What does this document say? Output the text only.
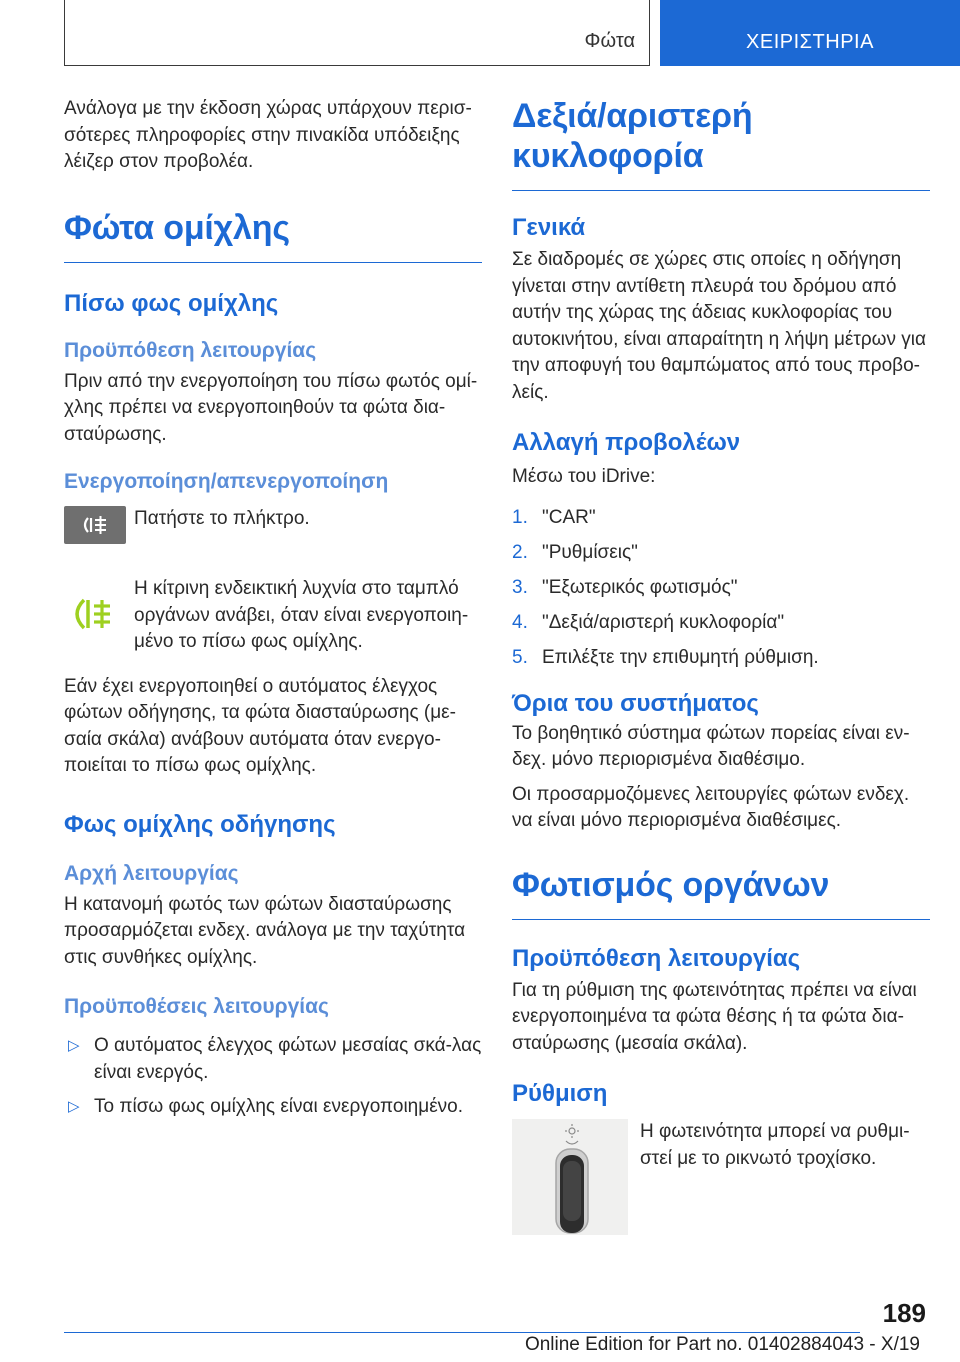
Φώτα	ΧΕΙΡΙΣΤΗΡΙΑ

Ανάλογα με την έκδοση χώρας υπάρχουν περισ-σότερες πληροφορίες στην πινακίδα υπόδειξης λέιζερ στον προβολέα.

Φώτα ομίχλης
Πίσω φως ομίχλης
Προϋπόθεση λειτουργίας

Πριν από την ενεργοποίηση του πίσω φωτός ομί-χλης πρέπει να ενεργοποιηθούν τα φώτα δια-σταύρωσης.

Ενεργοποίηση/απενεργοποίηση

Πατήστε το πλήκτρο.

Η κίτρινη ενδεικτική λυχνία στο ταμπλό οργάνων ανάβει, όταν είναι ενεργοποιη-μένο το πίσω φως ομίχλης.

Εάν έχει ενεργοποιηθεί ο αυτόματος έλεγχος φώτων οδήγησης, τα φώτα διασταύρωσης (με-σαία σκάλα) ανάβουν αυτόματα όταν ενεργο-ποιείται το πίσω φως ομίχλης.

Φως ομίχλης οδήγησης
Αρχή λειτουργίας

Η κατανομή φωτός των φώτων διασταύρωσης προσαρμόζεται ενδεχ. ανάλογα με την ταχύτητα στις συνθήκες ομίχλης.

Προϋποθέσεις λειτουργίας
▷ Ο αυτόματος έλεγχος φώτων μεσαίας σκά-λας είναι ενεργός.
▷ Το πίσω φως ομίχλης είναι ενεργοποιημένο.
Δεξιά/αριστερή κυκλοφορία
Γενικά

Σε διαδρομές σε χώρες στις οποίες η οδήγηση γίνεται στην αντίθετη πλευρά του δρόμου από αυτήν της χώρας της άδειας κυκλοφορίας του αυτοκινήτου, είναι απαραίτητη η λήψη μέτρων για την αποφυγή του θαμπώματος από τους προβο-λείς.

Αλλαγή προβολέων

Μέσω του iDrive:

1. "CAR"
2. "Ρυθμίσεις"
3. "Εξωτερικός φωτισμός"
4. "Δεξιά/αριστερή κυκλοφορία"
5. Επιλέξτε την επιθυμητή ρύθμιση.
Όρια του συστήματος

Το βοηθητικό σύστημα φώτων πορείας είναι εν-δεχ. μόνο περιορισμένα διαθέσιμο.

Οι προσαρμοζόμενες λειτουργίες φώτων ενδεχ. να είναι μόνο περιορισμένα διαθέσιμες.

Φωτισμός οργάνων
Προϋπόθεση λειτουργίας

Για τη ρύθμιση της φωτεινότητας πρέπει να είναι ενεργοποιημένα τα φώτα θέσης ή τα φώτα δια-σταύρωσης (μεσαία σκάλα).

Ρύθμιση

Η φωτεινότητα μπορεί να ρυθμι-στεί με το ρικνωτό τροχίσκο.

189
Online Edition for Part no. 01402884043 - X/19
